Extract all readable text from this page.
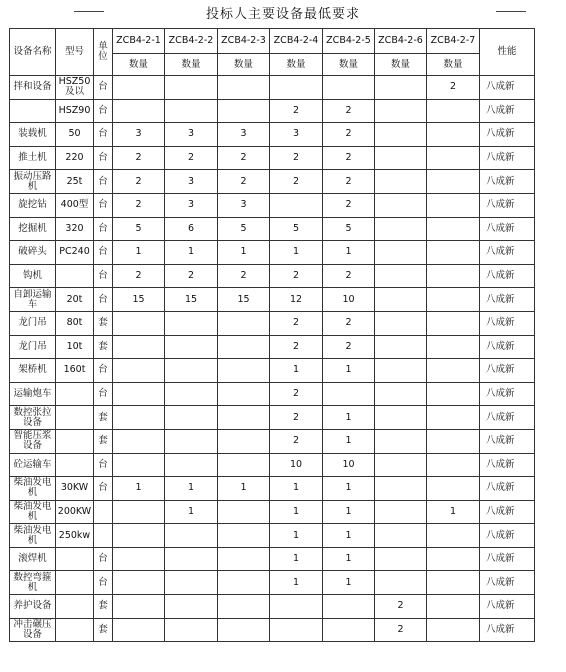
投标人主要设备最低要求
设备名称	型号	单位	ZCB4-2-1	ZCB4-2-2	ZCB4-2-3	ZCB4-2-4	ZCB4-2-5	ZCB4-2-6	ZCB4-2-7	性能
			数量	数量	数量	数量	数量	数量	数量	
拌和设备	HSZ50及以	台							2	八成新
	HSZ90	台				2	2			八成新
装载机	50	台	3	3	3	3	2			八成新
推土机	220	台	2	2	2	2	2			八成新
振动压路机	25t	台	2	3	2	2	2			八成新
旋挖钻	400型	台	2	3	3		2			八成新
挖掘机	320	台	5	6	5	5	5			八成新
破碎头	PC240	台	1	1	1	1	1			八成新
钩机		台	2	2	2	2	2			八成新
自卸运输车	20t	台	15	15	15	12	10			八成新
龙门吊	80t	套				2	2			八成新
龙门吊	10t	套				2	2			八成新
架桥机	160t	台				1	1			八成新
运输炮车		台				2				八成新
数控张拉设备		套				2	1			八成新
智能压浆设备		套				2	1			八成新
砼运输车		台				10	10			八成新
柴油发电机	30KW	台	1	1	1	1	1			八成新
柴油发电机	200KW			1		1	1		1	八成新
柴油发电机	250kw					1	1			八成新
滚焊机		台				1	1			八成新
数控弯箍机		台				1	1			八成新
养护设备		套						2		八成新
冲击碾压设备		套						2		八成新
